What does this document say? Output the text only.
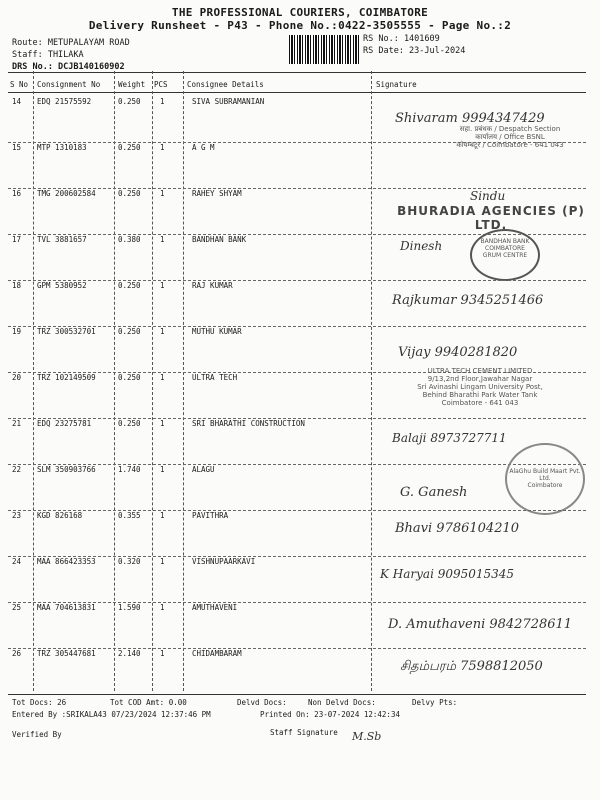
THE PROFESSIONAL COURIERS, COIMBATORE
Delivery Runsheet - P43 - Phone No.:0422-3505555 - Page No.:2
Route: METUPALAYAM ROAD
Staff: THILAKA
DRS No.: DCJB140160902
RS No.: 1401609
RS Date: 23-Jul-2024
S No Consignment No Weight PCS	Consignee Details	Signature
14 EDQ 21575592	0.250	1	SIVA SUBRAMANIAN
Shivaram 9994347429
सहा. प्रबंधक / Despatch Section
कार्यालय / Office BSNL
कोयम्बटूर / Coimbatore - 641 043
15 MTP 1310183	0.250	1	A G M
16 TMG 200602584	0.250	1	RAHEY SHYAM	Sindu
BHURADIA AGENCIES (P) LTD.
17 TVL 3881657	0.380	1	BANDHAN BANK	Dinesh	BANDHAN BANK
COIMBATORE
GRUM CENTRE
18 GPM 5380952	0.250	1	RAJ KUMAR
Rajkumar 9345251466
19 TRZ 300532701	0.250	1	MUTHU KUMAR
20 TRZ 102149509	0.250	1	ULTRA TECH
Vijay 9940281820
ULTRA TECH CEMENT LIMITED
9/13,2nd Floor,Jawahar Nagar
Sri Avinashi Lingam University Post,
Behind Bharathi Park Water Tank
Coimbatore - 641 043
21 EDQ 23275781	0.250	1	SRI BHARATHI CONSTRUCTION
Balaji 8973727711
22 SLM 350903766	1.740	1	ALAGU
G. Ganesh
AlaGhu Build Maart Pvt. Ltd.
Coimbatore
23 KGD 826168	0.355	1	PAVITHRA
Bhavi 9786104210
24 MAA 866423353	0.320	1	VISHNUPAARKAVI
K Haryai 9095015345
25 MAA 704613831	1.590	1	AMUTHAVENI
D. Amuthaveni 9842728611
26 TRZ 305447681	2.140	1	CHIDAMBARAM
சிதம்பரம் 7598812050
Tot Docs: 26	Tot COD Amt: 0.00	Delvd Docs:	Non Delvd Docs:	Delvy Pts:
Entered By :SRIKALA43 07/23/2024 12:37:46 PM	Printed On: 23-07-2024 12:42:34
Verified By	Staff Signature M.Sb
